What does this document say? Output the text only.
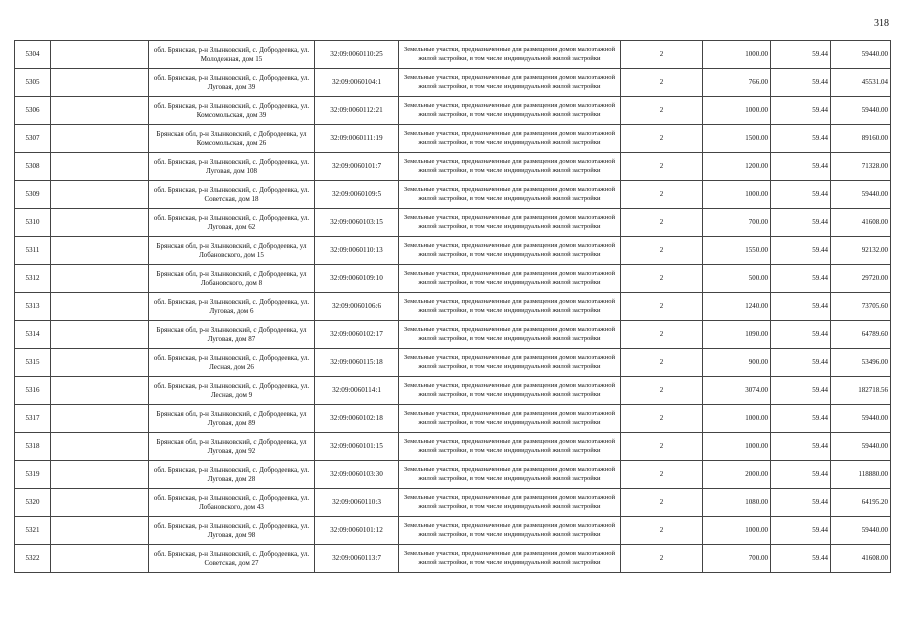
318
5304		обл. Брянская, р-н Злынковский, с. Добродеевка, ул. Молодежная, дом 15	32:09:0060110:25	Земельные участки, предназначенные для размещения домов малоэтажной жилой застройки, в том числе индивидуальной жилой застройки	2	1000.00	59.44	59440.00
5305		обл. Брянская, р-н Злынковский, с. Добродеевка, ул. Луговая, дом 39	32:09:0060104:1	Земельные участки, предназначенные для размещения домов малоэтажной жилой застройки, в том числе индивидуальной жилой застройки	2	766.00	59.44	45531.04
5306		обл. Брянская, р-н Злынковский, с. Добродеевка, ул. Комсомольская, дом 39	32:09:0060112:21	Земельные участки, предназначенные для размещения домов малоэтажной жилой застройки, в том числе индивидуальной жилой застройки	2	1000.00	59.44	59440.00
5307		Брянская обл, р-н Злынковский, с Добродеевка, ул Комсомольская, дом 26	32:09:0060111:19	Земельные участки, предназначенные для размещения домов малоэтажной жилой застройки, в том числе индивидуальной жилой застройки	2	1500.00	59.44	89160.00
5308		обл. Брянская, р-н Злынковский, с. Добродеевка, ул. Луговая, дом 108	32:09:0060101:7	Земельные участки, предназначенные для размещения домов малоэтажной жилой застройки, в том числе индивидуальной жилой застройки	2	1200.00	59.44	71328.00
5309		обл. Брянская, р-н Злынковский, с. Добродеевка, ул. Советская, дом 18	32:09:0060109:5	Земельные участки, предназначенные для размещения домов малоэтажной жилой застройки, в том числе индивидуальной жилой застройки	2	1000.00	59.44	59440.00
5310		обл. Брянская, р-н Злынковский, с. Добродеевка, ул. Луговая, дом 62	32:09:0060103:15	Земельные участки, предназначенные для размещения домов малоэтажной жилой застройки, в том числе индивидуальной жилой застройки	2	700.00	59.44	41608.00
5311		Брянская обл, р-н Злынковский, с Добродеевка, ул Лобановского, дом 15	32:09:0060110:13	Земельные участки, предназначенные для размещения домов малоэтажной жилой застройки, в том числе индивидуальной жилой застройки	2	1550.00	59.44	92132.00
5312		Брянская обл, р-н Злынковский, с Добродеевка, ул Лобановского, дом 8	32:09:0060109:10	Земельные участки, предназначенные для размещения домов малоэтажной жилой застройки, в том числе индивидуальной жилой застройки	2	500.00	59.44	29720.00
5313		обл. Брянская, р-н Злынковский, с. Добродеевка, ул. Луговая, дом 6	32:09:0060106:6	Земельные участки, предназначенные для размещения домов малоэтажной жилой застройки, в том числе индивидуальной жилой застройки	2	1240.00	59.44	73705.60
5314		Брянская обл, р-н Злынковский, с Добродеевка, ул Луговая, дом 87	32:09:0060102:17	Земельные участки, предназначенные для размещения домов малоэтажной жилой застройки, в том числе индивидуальной жилой застройки	2	1090.00	59.44	64789.60
5315		обл. Брянская, р-н Злынковский, с. Добродеевка, ул. Лесная, дом 26	32:09:0060115:18	Земельные участки, предназначенные для размещения домов малоэтажной жилой застройки, в том числе индивидуальной жилой застройки	2	900.00	59.44	53496.00
5316		обл. Брянская, р-н Злынковский, с. Добродеевка, ул. Лесная, дом 9	32:09:0060114:1	Земельные участки, предназначенные для размещения домов малоэтажной жилой застройки, в том числе индивидуальной жилой застройки	2	3074.00	59.44	182718.56
5317		Брянская обл, р-н Злынковский, с Добродеевка, ул Луговая, дом 89	32:09:0060102:18	Земельные участки, предназначенные для размещения домов малоэтажной жилой застройки, в том числе индивидуальной жилой застройки	2	1000.00	59.44	59440.00
5318		Брянская обл, р-н Злынковский, с Добродеевка, ул Луговая, дом 92	32:09:0060101:15	Земельные участки, предназначенные для размещения домов малоэтажной жилой застройки, в том числе индивидуальной жилой застройки	2	1000.00	59.44	59440.00
5319		обл. Брянская, р-н Злынковский, с. Добродеевка, ул. Луговая, дом 28	32:09:0060103:30	Земельные участки, предназначенные для размещения домов малоэтажной жилой застройки, в том числе индивидуальной жилой застройки	2	2000.00	59.44	118880.00
5320		обл. Брянская, р-н Злынковский, с. Добродеевка, ул. Лобановского, дом 43	32:09:0060110:3	Земельные участки, предназначенные для размещения домов малоэтажной жилой застройки, в том числе индивидуальной жилой застройки	2	1080.00	59.44	64195.20
5321		обл. Брянская, р-н Злынковский, с. Добродеевка, ул. Луговая, дом 98	32:09:0060101:12	Земельные участки, предназначенные для размещения домов малоэтажной жилой застройки, в том числе индивидуальной жилой застройки	2	1000.00	59.44	59440.00
5322		обл. Брянская, р-н Злынковский, с. Добродеевка, ул. Советская, дом 27	32:09:0060113:7	Земельные участки, предназначенные для размещения домов малоэтажной жилой застройки, в том числе индивидуальной жилой застройки	2	700.00	59.44	41608.00
